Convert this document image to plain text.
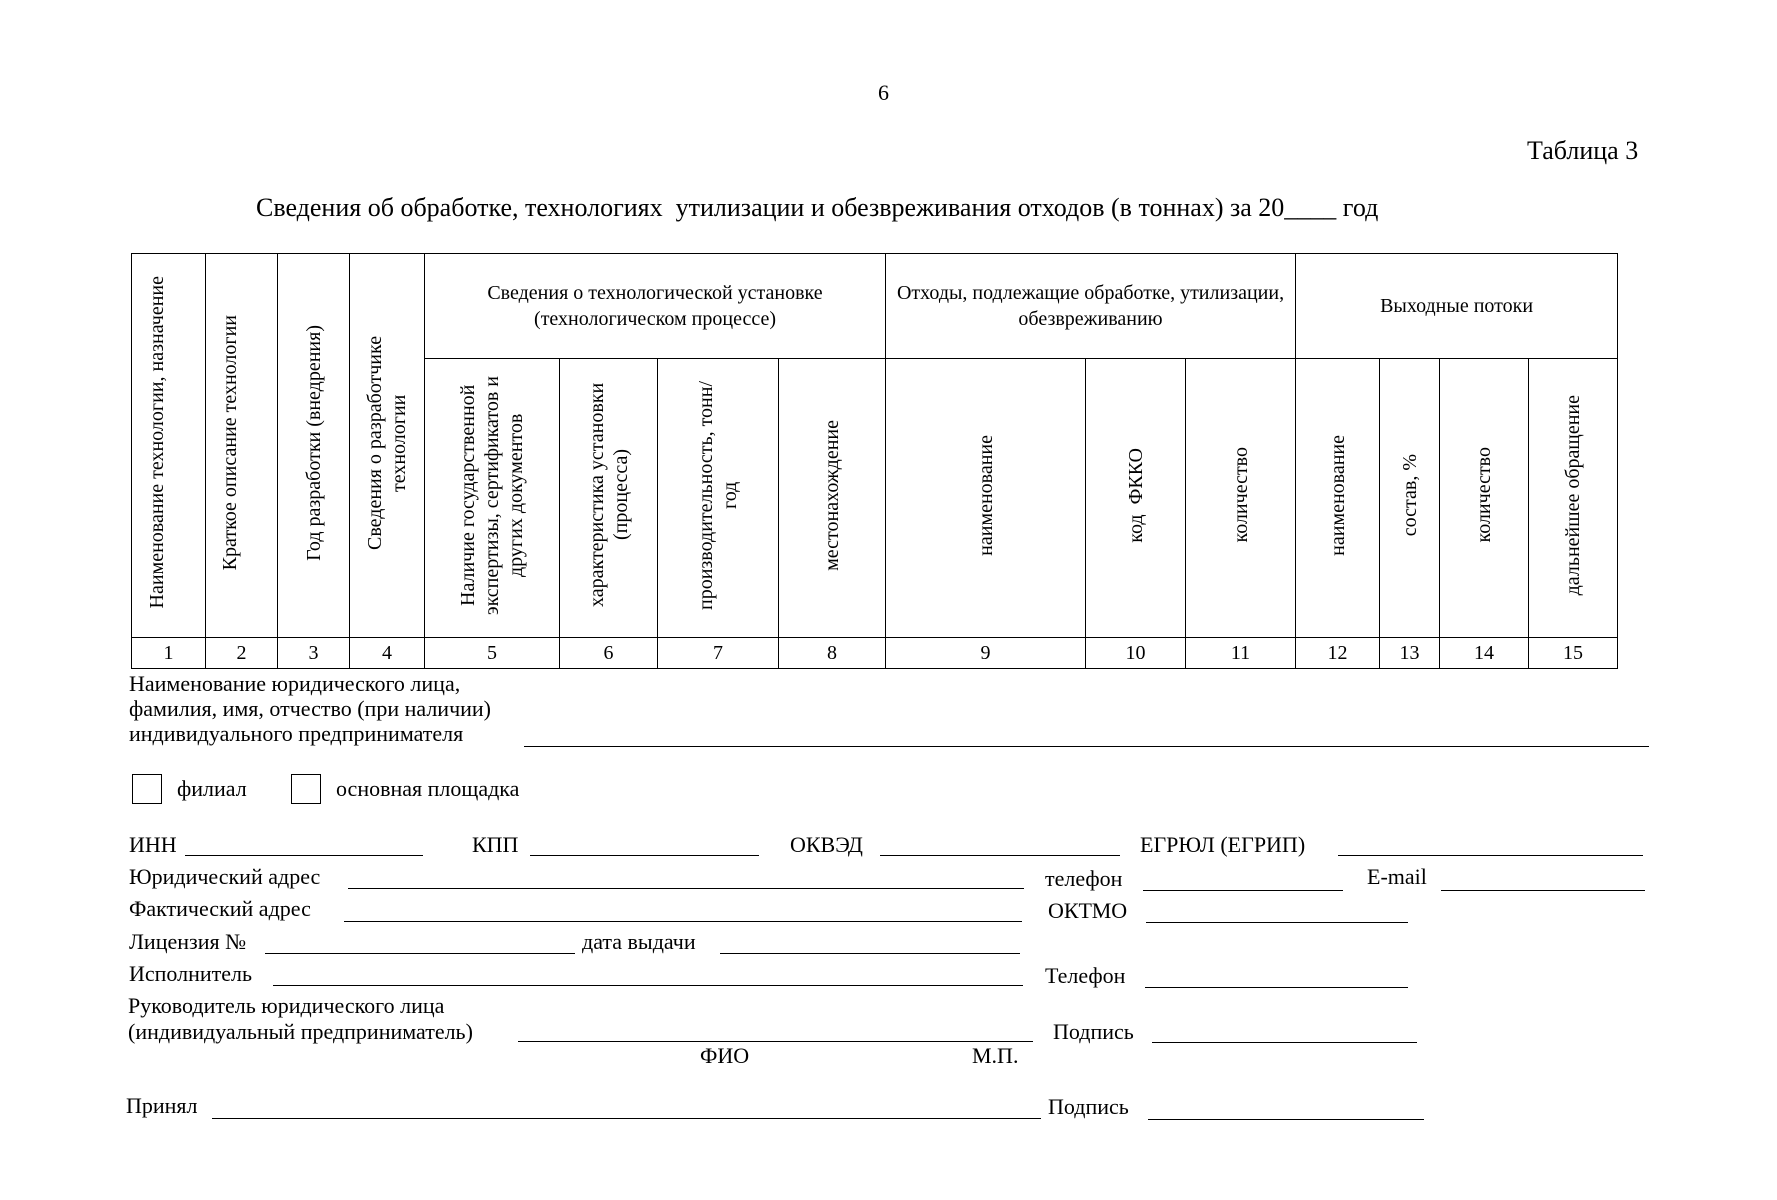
6
Таблица 3
Сведения об обработке, технологиях  утилизации и обезвреживания отходов (в тоннах) за 20____ год
Наименование технологии, назначение	Краткое описание технологии	Год разработки (внедрения)	Сведения о разработчике технологии	Сведения о технологической установке (технологическом процессе)				Отходы, подлежащие обработке, утилизации, обезвреживанию			Выходные потоки			
				Наличие государственной экспертизы, сертификатов и других документов	характеристика установки (процесса)	производительность, тонн/год	местонахождение	наименование	код  ФККО	количество	наименование	состав, %	количество	дальнейшее обращение
1	2	3	4	5	6	7	8	9	10	11	12	13	14	15
Наименование юридического лица, фамилия, имя, отчество (при наличии) индивидуального предпринимателя
филиал	основная площадка
ИНН	КПП	ОКВЭД	ЕГРЮЛ (ЕГРИП)
Юридический адрес	телефон	E-mail
Фактический адрес	ОКТМО
Лицензия №	дата выдачи
Исполнитель	Телефон
Руководитель юридического лица (индивидуальный предприниматель)	Подпись
ФИО	М.П.
Принял	Подпись
